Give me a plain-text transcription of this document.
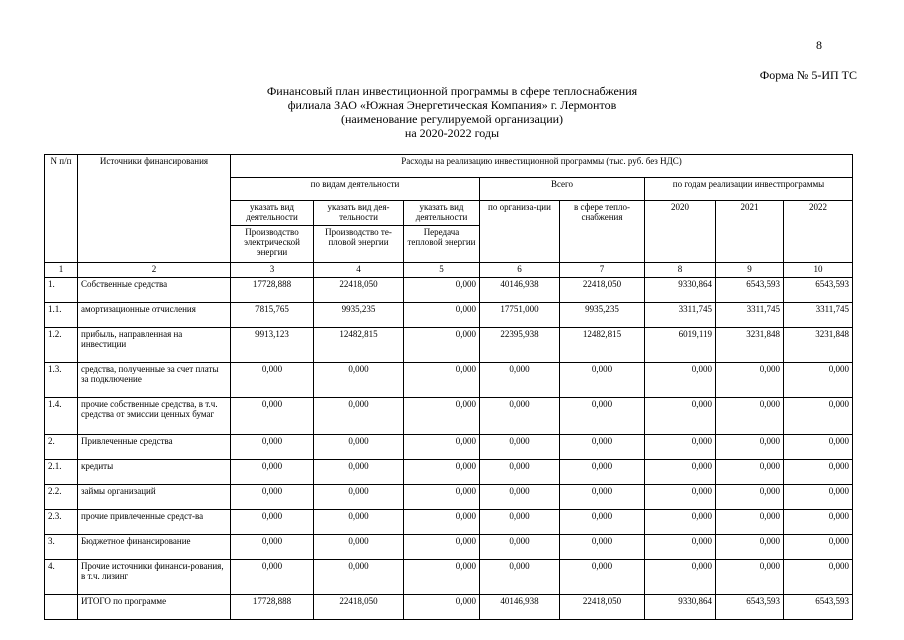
8
Форма № 5-ИП ТС
Финансовый план инвестиционной программы в сфере теплоснабжения
филиала ЗАО «Южная Энергетическая Компания» г. Лермонтов
(наименование регулируемой организации)
на 2020-2022 годы
N п/п	Источники финансирования	Расходы на реализацию инвестиционной программы (тыс. руб. без НДС)							
		по видам деятельности			Всего		по годам реализации инвестпрограммы		
		указать вид деятельности	указать вид дея-тельности	указать вид деятельности	по организа-ции	в сфере тепло-снабжения	2020	2021	2022
		Производство электрической энергии	Производство те-пловой энергии	Передача тепловой энергии					
1	2	3	4	5	6	7	8	9	10
1.	Собственные средства	17728,888	22418,050	0,000	40146,938	22418,050	9330,864	6543,593	6543,593
1.1.	амортизационные отчисления	7815,765	9935,235	0,000	17751,000	9935,235	3311,745	3311,745	3311,745
1.2.	прибыль, направленная на инвестиции	9913,123	12482,815	0,000	22395,938	12482,815	6019,119	3231,848	3231,848
1.3.	средства, полученные за счет платы за подключение	0,000	0,000	0,000	0,000	0,000	0,000	0,000	0,000
1.4.	прочие собственные средства, в т.ч. средства от эмиссии ценных бумаг	0,000	0,000	0,000	0,000	0,000	0,000	0,000	0,000
2.	Привлеченные средства	0,000	0,000	0,000	0,000	0,000	0,000	0,000	0,000
2.1.	кредиты	0,000	0,000	0,000	0,000	0,000	0,000	0,000	0,000
2.2.	займы организаций	0,000	0,000	0,000	0,000	0,000	0,000	0,000	0,000
2.3.	прочие привлеченные средст-ва	0,000	0,000	0,000	0,000	0,000	0,000	0,000	0,000
3.	Бюджетное финансирование	0,000	0,000	0,000	0,000	0,000	0,000	0,000	0,000
4.	Прочие источники финанси-рования, в т.ч. лизинг	0,000	0,000	0,000	0,000	0,000	0,000	0,000	0,000
	ИТОГО по программе	17728,888	22418,050	0,000	40146,938	22418,050	9330,864	6543,593	6543,593
